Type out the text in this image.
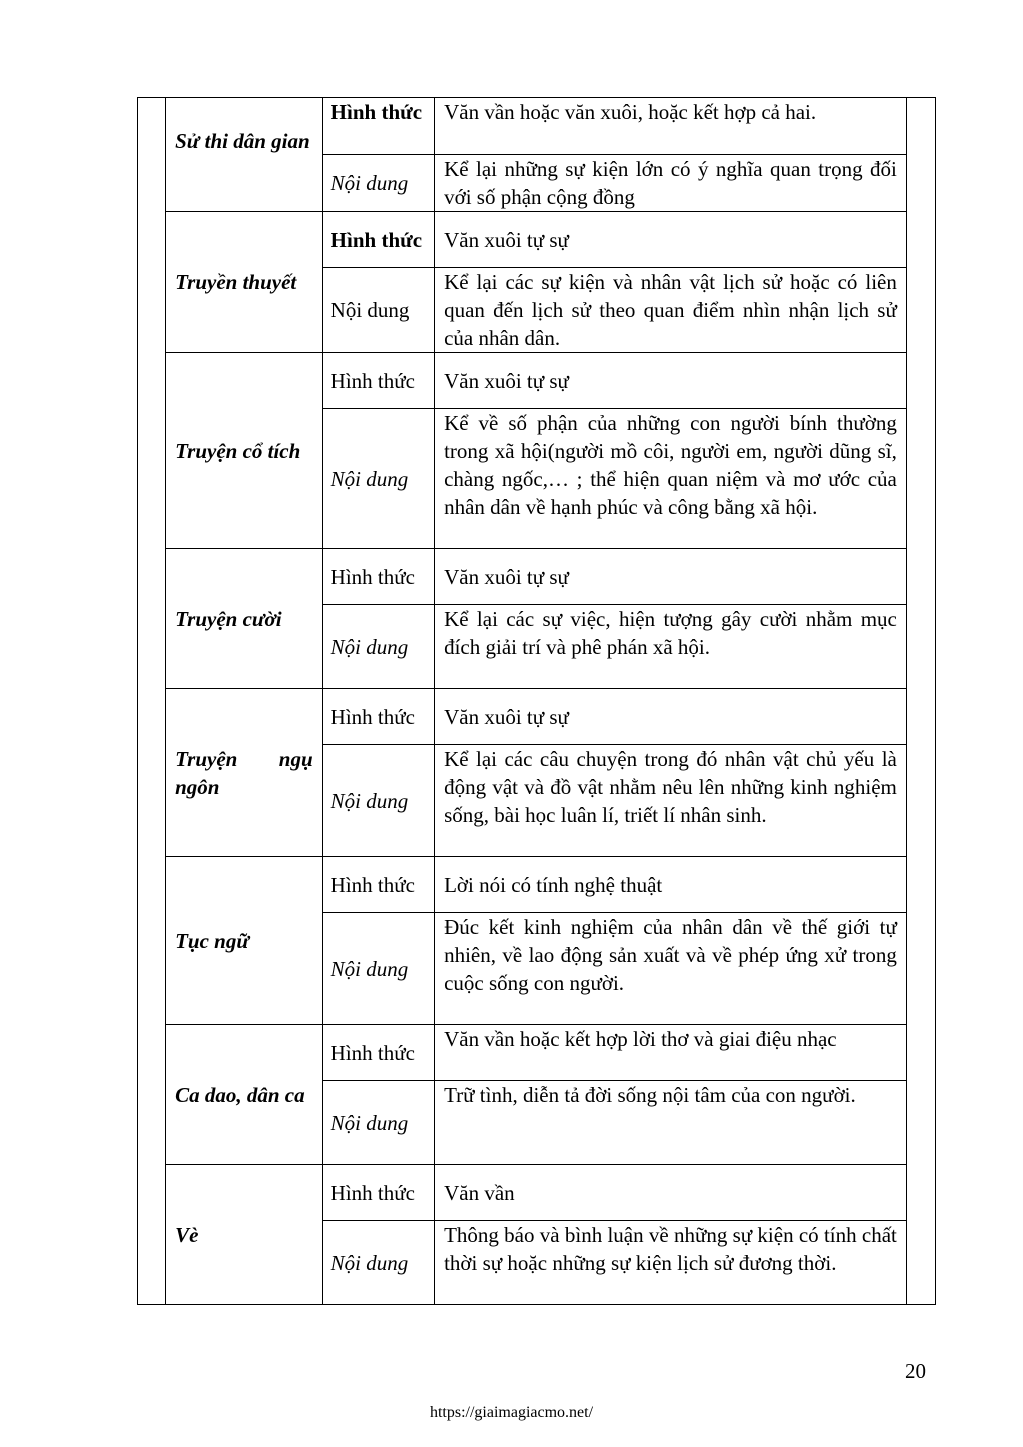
	Sử thi dân gian	Hình thức	Văn vần hoặc văn xuôi, hoặc kết hợp cả hai.	
		Nội dung	Kể lại những sự kiện lớn có ý nghĩa quan trọng đối với số phận cộng đồng	
	Truyền thuyết	Hình thức	Văn xuôi tự sự	
		Nội dung	Kể lại các sự kiện và nhân vật lịch sử hoặc có liên quan đến lịch sử theo quan điểm nhìn nhận lịch sử của nhân dân.	
	Truyện cổ tích	Hình thức	Văn xuôi tự sự	
		Nội dung	Kể về số phận của những con người bính thường trong xã hội(người mồ côi, người em, người dũng sĩ, chàng ngốc,… ; thể hiện quan niệm và mơ ước của nhân dân về hạnh phúc và công bằng xã hội.	
	Truyện cười	Hình thức	Văn xuôi tự sự	
		Nội dung	Kể lại các sự việc, hiện tượng gây cười nhằm mục đích giải trí và phê phán xã hội.	
	Truyện ngụ ngôn	Hình thức	Văn xuôi tự sự	
		Nội dung	Kể lại các câu chuyện trong đó nhân vật chủ yếu là động vật và đồ vật nhằm nêu lên những kinh nghiệm sống, bài học luân lí, triết lí nhân sinh.	
	Tục ngữ	Hình thức	Lời nói có tính nghệ thuật	
		Nội dung	Đúc kết kinh nghiệm của nhân dân về thế giới tự nhiên, về lao động sản xuất và về phép ứng xử trong cuộc sống con người.	
	Ca dao, dân ca	Hình thức	Văn vần hoặc kết hợp lời thơ và giai điệu nhạc	
		Nội dung	Trữ tình, diễn tả đời sống nội tâm của con người.	
	Vè	Hình thức	Văn vần	
		Nội dung	Thông báo và bình luận về những sự kiện có tính chất thời sự hoặc những sự kiện lịch sử đương thời.	
20
https://giaimagiacmo.net/
